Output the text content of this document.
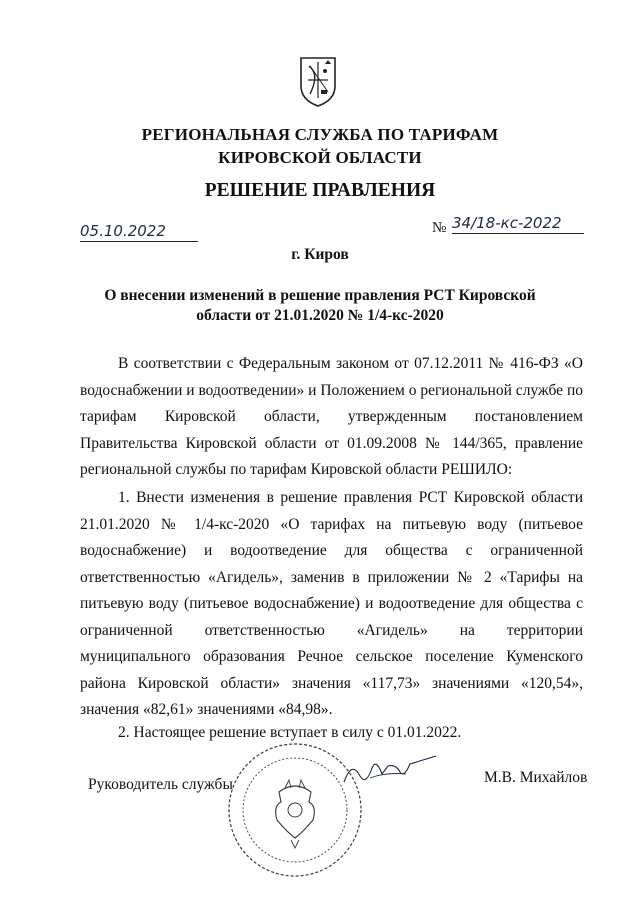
РЕГИОНАЛЬНАЯ СЛУЖБА ПО ТАРИФАМ
КИРОВСКОЙ ОБЛАСТИ
РЕШЕНИЕ ПРАВЛЕНИЯ
05.10.2022	№ 34/18-кс-2022
г. Киров
О внесении изменений в решение правления РСТ Кировской
области от 21.01.2020 № 1/4-кс-2020

В соответствии с Федеральным законом от 07.12.2011 № 416-ФЗ «О водоснабжении и водоотведении» и Положением о региональной службе по тарифам Кировской области, утвержденным постановлением Правительства Кировской области от 01.09.2008 № 144/365, правление региональной службы по тарифам Кировской области РЕШИЛО:

1. Внести изменения в решение правления РСТ Кировской области 21.01.2020 № 1/4-кс-2020 «О тарифах на питьевую воду (питьевое водоснабжение) и водоотведение для общества с ограниченной ответственностью «Агидель», заменив в приложении № 2 «Тарифы на питьевую воду (питьевое водоснабжение) и водоотведение для общества с ограниченной ответственностью «Агидель» на территории муниципального образования Речное сельское поселение Куменского района Кировской области» значения «117,73» значениями «120,54», значения «82,61» значениями «84,98».

2. Настоящее решение вступает в силу с 01.01.2022.

Руководитель службы	М.В. Михайлов
